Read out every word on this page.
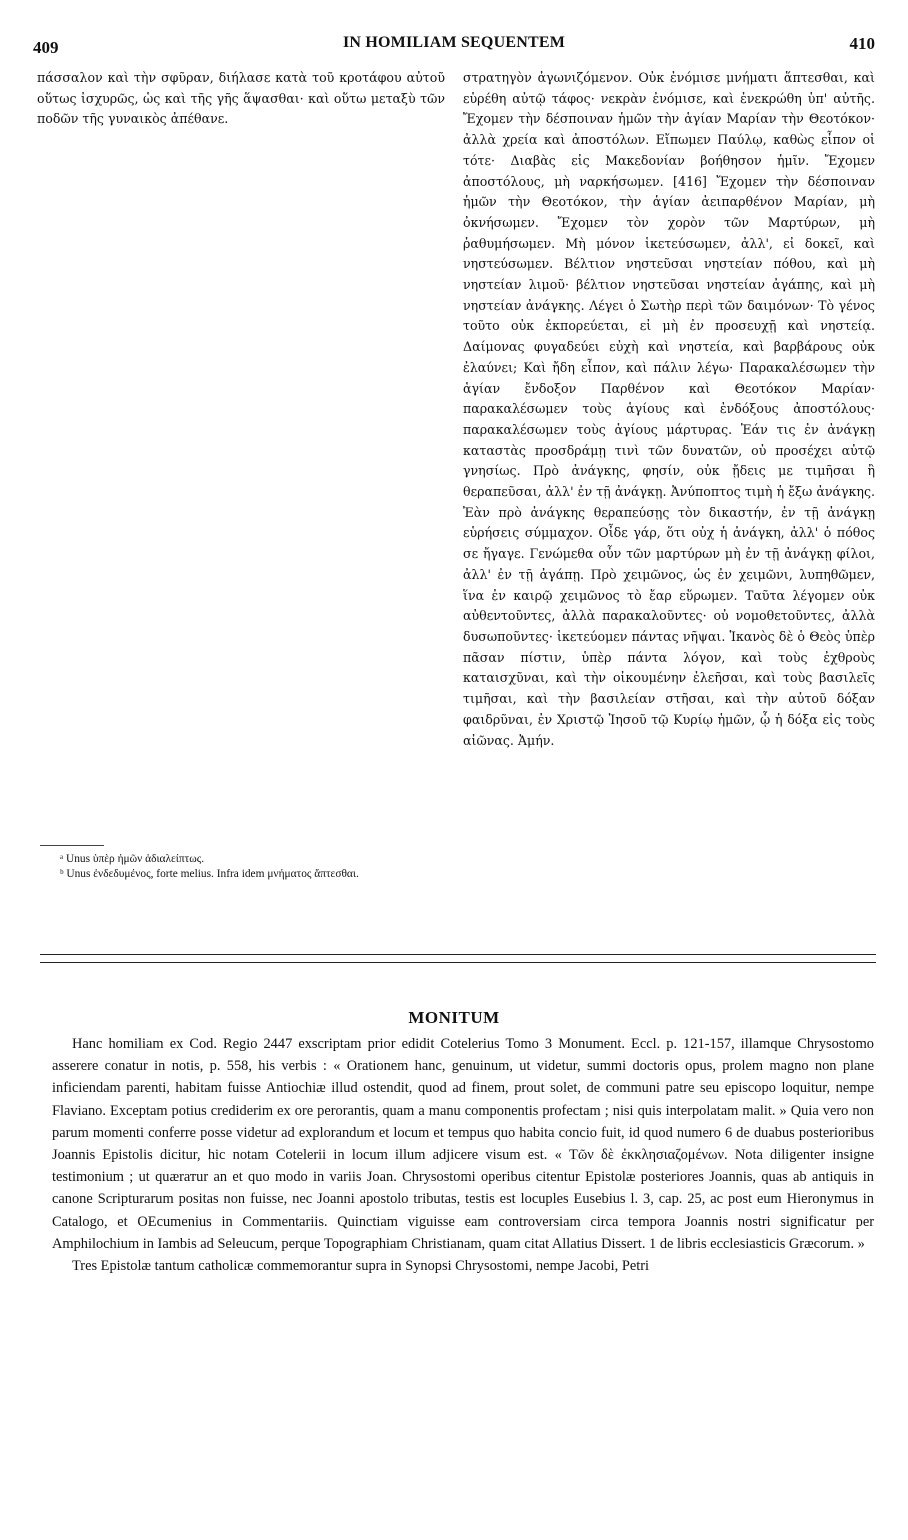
409	IN HOMILIAM SEQUENTEM	410

πάσσαλον καὶ τὴν σφῦραν, διήλασε κατὰ τοῦ κροτάφου αὐτοῦ οὕτως ἰσχυρῶς, ὡς καὶ τῆς γῆς ἅψασθαι· καὶ οὕτω μεταξὺ τῶν ποδῶν τῆς γυναικὸς ἀπέθανε.

στρατηγὸν ἀγωνιζόμενον. Οὐκ ἐνόμισε μνήματι ἅπτεσθαι, καὶ εὑρέθη αὐτῷ τάφος· νεκρὰν ἐνόμισε, καὶ ἐνεκρώθη ὑπ' αὐτῆς. Ἔχομεν τὴν δέσποιναν ἡμῶν τὴν ἁγίαν Μαρίαν τὴν Θεοτόκον· ἀλλὰ χρεία καὶ ἀποστόλων. Εἴπωμεν Παύλῳ, καθὼς εἶπον οἱ τότε· Διαβὰς εἰς Μακεδονίαν βοήθησον ἡμῖν. Ἔχομεν ἀποστόλους, μὴ ναρκήσωμεν. [416] Ἔχομεν τὴν δέσποιναν ἡμῶν τὴν Θεοτόκον, τὴν ἁγίαν ἀειπαρθένον Μαρίαν, μὴ ὀκνήσωμεν. Ἔχομεν τὸν χορὸν τῶν Μαρτύρων, μὴ ῥαθυμήσωμεν. Μὴ μόνον ἱκετεύσωμεν, ἀλλ', εἰ δοκεῖ, καὶ νηστεύσωμεν. Βέλτιον νηστεῦσαι νηστείαν πόθου, καὶ μὴ νηστείαν λιμοῦ· βέλτιον νηστεῦσαι νηστείαν ἀγάπης, καὶ μὴ νηστείαν ἀνάγκης. Λέγει ὁ Σωτὴρ περὶ τῶν δαιμόνων· Τὸ γένος τοῦτο οὐκ ἐκπορεύεται, εἰ μὴ ἐν προσευχῇ καὶ νηστείᾳ. Δαίμονας φυγαδεύει εὐχὴ καὶ νηστεία, καὶ βαρβάρους οὐκ ἐλαύνει; Καὶ ἤδη εἶπον, καὶ πάλιν λέγω· Παρακαλέσωμεν τὴν ἁγίαν ἔνδοξον Παρθένον καὶ Θεοτόκον Μαρίαν· παρακαλέσωμεν τοὺς ἁγίους καὶ ἐνδόξους ἀποστόλους· παρακαλέσωμεν τοὺς ἁγίους μάρτυρας. Ἐάν τις ἐν ἀνάγκῃ καταστὰς προσδράμῃ τινὶ τῶν δυνατῶν, οὐ προσέχει αὐτῷ γνησίως. Πρὸ ἀνάγκης, φησίν, οὐκ ᾔδεις με τιμῆσαι ἢ θεραπεῦσαι, ἀλλ' ἐν τῇ ἀνάγκῃ. Ἀνύποπτος τιμὴ ἡ ἔξω ἀνάγκης. Ἐὰν πρὸ ἀνάγκης θεραπεύσῃς τὸν δικαστήν, ἐν τῇ ἀνάγκῃ εὑρήσεις σύμμαχον. Οἶδε γάρ, ὅτι οὐχ ἡ ἀνάγκη, ἀλλ' ὁ πόθος σε ἤγαγε. Γενώμεθα οὖν τῶν μαρτύρων μὴ ἐν τῇ ἀνάγκῃ φίλοι, ἀλλ' ἐν τῇ ἀγάπῃ. Πρὸ χειμῶνος, ὡς ἐν χειμῶνι, λυπηθῶμεν, ἵνα ἐν καιρῷ χειμῶνος τὸ ἔαρ εὕρωμεν. Ταῦτα λέγομεν οὐκ αὐθεντοῦντες, ἀλλὰ παρακαλοῦντες· οὐ νομοθετοῦντες, ἀλλὰ δυσωποῦντες· ἱκετεύομεν πάντας νῆψαι. Ἱκανὸς δὲ ὁ Θεὸς ὑπὲρ πᾶσαν πίστιν, ὑπὲρ πάντα λόγον, καὶ τοὺς ἐχθροὺς καταισχῦναι, καὶ τὴν οἰκουμένην ἐλεῆσαι, καὶ τοὺς βασιλεῖς τιμῆσαι, καὶ τὴν βασιλείαν στῆσαι, καὶ τὴν αὐτοῦ δόξαν φαιδρῦναι, ἐν Χριστῷ Ἰησοῦ τῷ Κυρίῳ ἡμῶν, ᾧ ἡ δόξα εἰς τοὺς αἰῶνας. Ἀμήν.

ᵃ Unus ὑπὲρ ἡμῶν ἀδιαλείπτως.

ᵇ Unus ἐνδεδυμένος, forte melius. Infra idem μνήματος ἅπτεσθαι.

MONITUM

Hanc homiliam ex Cod. Regio 2447 exscriptam prior edidit Cotelerius Tomo 3 Monument. Eccl. p. 121-157, illamque Chrysostomo asserere conatur in notis, p. 558, his verbis : « Orationem hanc, genuinum, ut videtur, summi doctoris opus, prolem magno non plane inficiendam parenti, habitam fuisse Antiochiæ illud ostendit, quod ad finem, prout solet, de communi patre seu episcopo loquitur, nempe Flaviano. Exceptam potius crediderim ex ore perorantis, quam a manu componentis profectam ; nisi quis interpolatam malit. » Quia vero non parum momenti conferre posse videtur ad explorandum et locum et tempus quo habita concio fuit, id quod numero 6 de duabus posterioribus Joannis Epistolis dicitur, hic notam Cotelerii in locum illum adjicere visum est. « Τῶν δὲ ἐκκλησιαζομένων. Nota diligenter insigne testimonium ; ut quærатur an et quo modo in variis Joan. Chrysostomi operibus citentur Epistolæ posteriores Joannis, quas ab antiquis in canone Scripturarum positas non fuisse, nec Joanni apostolo tributas, testis est locuples Eusebius l. 3, cap. 25, ac post eum Hieronymus in Catalogo, et OEcumenius in Commentariis. Quinctiam viguisse eam controversiam circa tempora Joannis nostri significatur per Amphilochium in Iambis ad Seleucum, perque Topographiam Christianam, quam citat Allatius Dissert. 1 de libris ecclesiasticis Græcorum. »

Tres Epistolæ tantum catholicæ commemorantur supra in Synopsi Chrysostomi, nempe Jacobi, Petri
